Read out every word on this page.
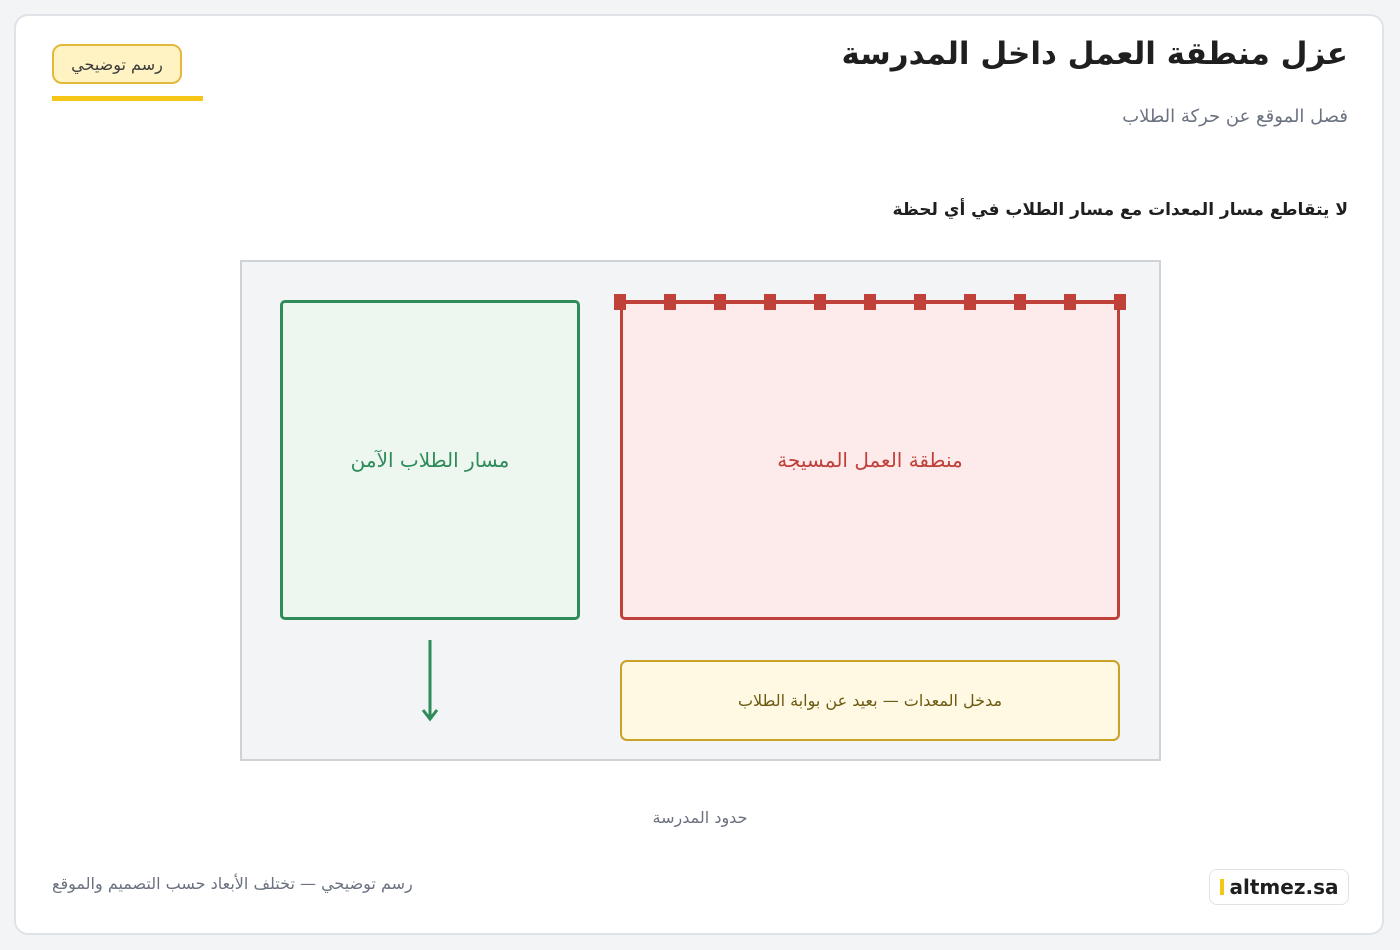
عزل منطقة العمل داخل المدرسة
فصل الموقع عن حركة الطلاب
رسم توضيحي
لا يتقاطع مسار المعدات مع مسار الطلاب في أي لحظة
مسار الطلاب الآمن	منطقة العمل المسيجة
مدخل المعدات — بعيد عن بوابة الطلاب
حدود المدرسة
رسم توضيحي — تختلف الأبعاد حسب التصميم والموقع	altmez.sa
